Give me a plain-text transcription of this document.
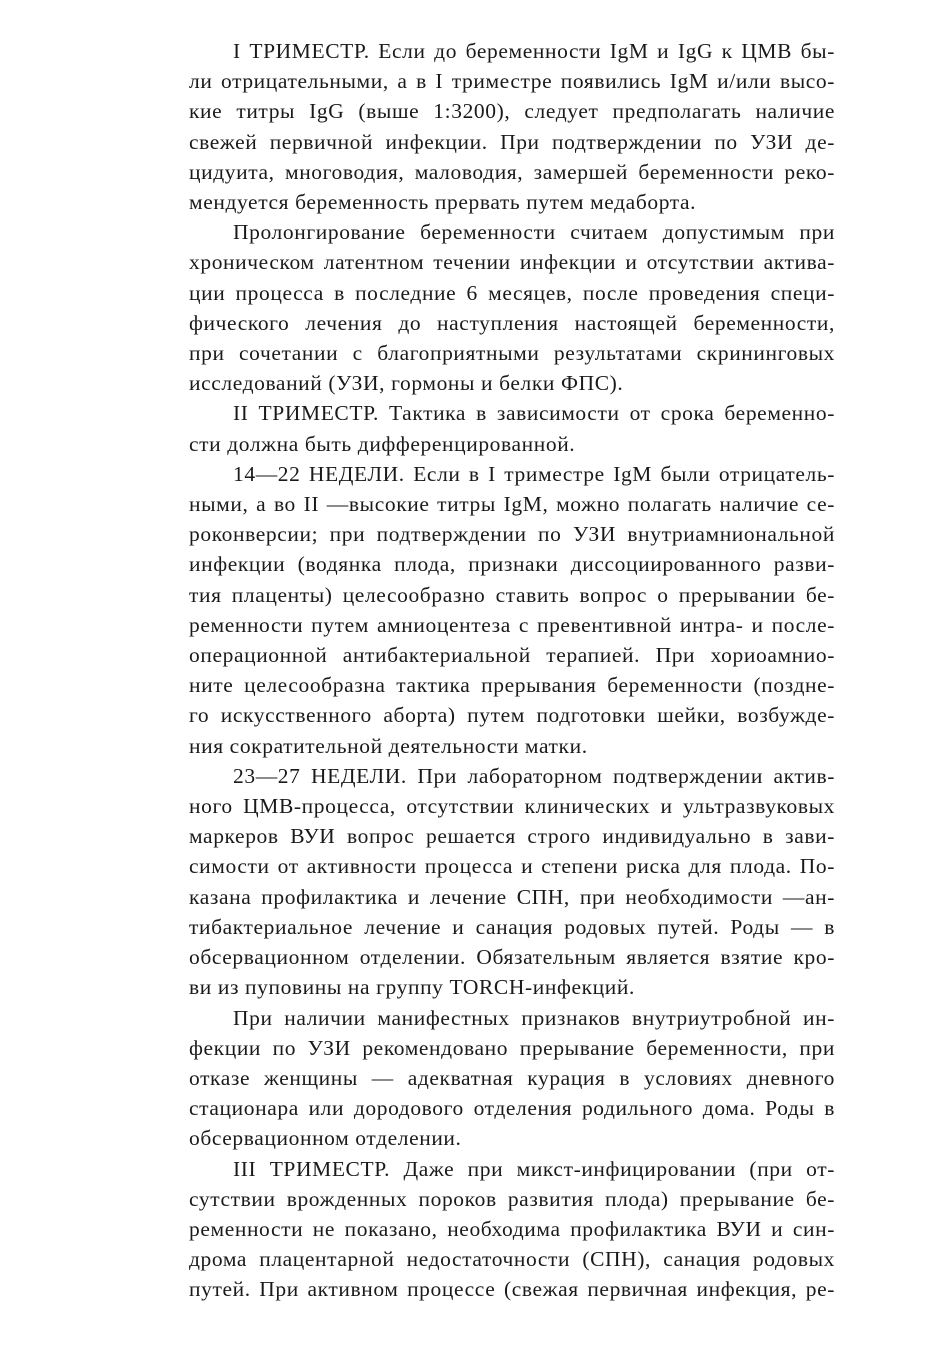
I ТРИМЕСТР. Если до беременности IgM и IgG к ЦМВ бы-
ли отрицательными, а в I триместре появились IgM и/или высо-
кие титры IgG (выше 1:3200), следует предполагать наличие
свежей первичной инфекции. При подтверждении по УЗИ де-
цидуита, многоводия, маловодия, замершей беременности реко-
мендуется беременность прервать путем медаборта.
Пролонгирование беременности считаем допустимым при
хроническом латентном течении инфекции и отсутствии актива-
ции процесса в последние 6 месяцев, после проведения специ-
фического лечения до наступления настоящей беременности,
при сочетании с благоприятными результатами скрининговых
исследований (УЗИ, гормоны и белки ФПС).
II ТРИМЕСТР. Тактика в зависимости от срока беременно-
сти должна быть дифференцированной.
14—22 НЕДЕЛИ. Если в I триместре IgM были отрицатель-
ными, а во II —высокие титры IgM, можно полагать наличие се-
роконверсии; при подтверждении по УЗИ внутриамниональной
инфекции (водянка плода, признаки диссоциированного разви-
тия плаценты) целесообразно ставить вопрос о прерывании бе-
ременности путем амниоцентеза с превентивной интра- и после-
операционной антибактериальной терапией. При хориоамнио-
ните целесообразна тактика прерывания беременности (поздне-
го искусственного аборта) путем подготовки шейки, возбужде-
ния сократительной деятельности матки.
23—27 НЕДЕЛИ. При лабораторном подтверждении актив-
ного ЦМВ-процесса, отсутствии клинических и ультразвуковых
маркеров ВУИ вопрос решается строго индивидуально в зави-
симости от активности процесса и степени риска для плода. По-
казана профилактика и лечение СПН, при необходимости —ан-
тибактериальное лечение и санация родовых путей. Роды — в
обсервационном отделении. Обязательным является взятие кро-
ви из пуповины на группу TORCH-инфекций.
При наличии манифестных признаков внутриутробной ин-
фекции по УЗИ рекомендовано прерывание беременности, при
отказе женщины — адекватная курация в условиях дневного
стационара или дородового отделения родильного дома. Роды в
обсервационном отделении.
III ТРИМЕСТР. Даже при микст-инфицировании (при от-
сутствии врожденных пороков развития плода) прерывание бе-
ременности не показано, необходима профилактика ВУИ и син-
дрома плацентарной недостаточности (СПН), санация родовых
путей. При активном процессе (свежая первичная инфекция, ре-
